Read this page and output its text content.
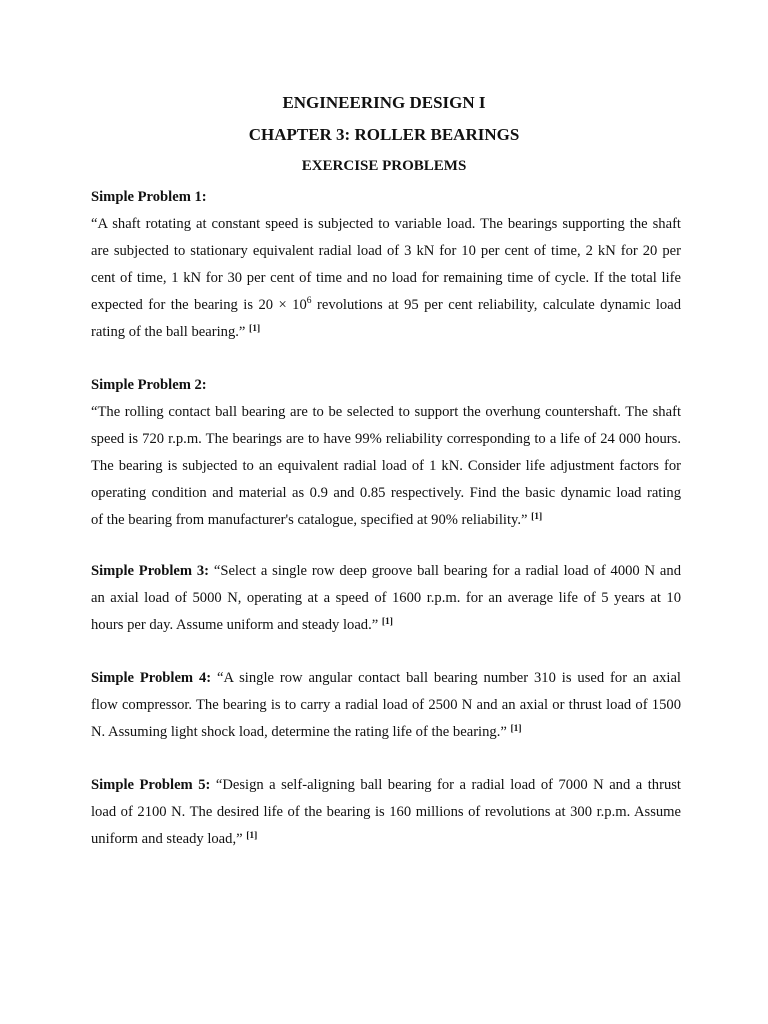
ENGINEERING DESIGN I
CHAPTER 3: ROLLER BEARINGS
EXERCISE PROBLEMS
Simple Problem 1:
“A shaft rotating at constant speed is subjected to variable load. The bearings supporting the shaft
are subjected to stationary equivalent radial load of 3 kN for 10 per cent of time, 2 kN for 20 per
cent of time, 1 kN for 30 per cent of time and no load for remaining time of cycle. If the total life
expected for the bearing is $20 \times 10^6$ revolutions at 95 per cent reliability, calculate dynamic load
rating of the ball bearing.” [1]
Simple Problem 2:
“The rolling contact ball bearing are to be selected to support the overhung countershaft. The shaft
speed is 720 r.p.m. The bearings are to have 99% reliability corresponding to a life of 24 000 hours.
The bearing is subjected to an equivalent radial load of 1 kN. Consider life adjustment factors for
operating condition and material as 0.9 and 0.85 respectively. Find the basic dynamic load rating
of the bearing from manufacturer's catalogue, specified at 90% reliability.” [1]
Simple Problem 3: “Select a single row deep groove ball bearing for a radial load of 4000 N and
an axial load of 5000 N, operating at a speed of 1600 r.p.m. for an average life of 5 years at 10
hours per day. Assume uniform and steady load.” [1]
Simple Problem 4: “A single row angular contact ball bearing number 310 is used for an axial
flow compressor. The bearing is to carry a radial load of 2500 N and an axial or thrust load of 1500
N. Assuming light shock load, determine the rating life of the bearing.” [1]
Simple Problem 5: “Design a self-aligning ball bearing for a radial load of 7000 N and a thrust
load of 2100 N. The desired life of the bearing is 160 millions of revolutions at 300 r.p.m. Assume
uniform and steady load,” [1]
